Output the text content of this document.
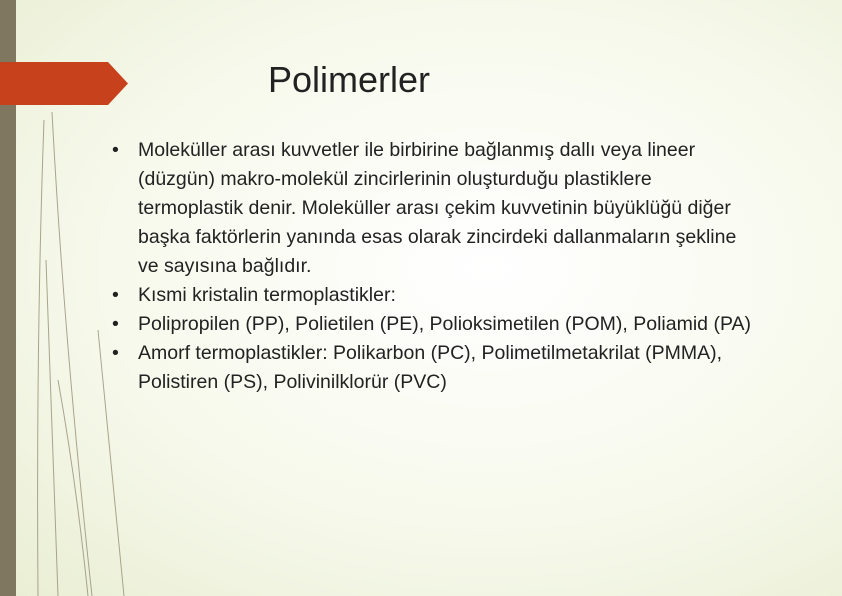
Polimerler
• Moleküller arası kuvvetler ile birbirine bağlanmış dallı veya lineer (düzgün) makro-molekül zincirlerinin oluşturduğu plastiklere termoplastik denir. Moleküller arası çekim kuvvetinin büyüklüğü diğer başka faktörlerin yanında esas olarak zincirdeki dallanmaların şekline ve sayısına bağlıdır.
• Kısmi kristalin termoplastikler:
• Polipropilen (PP), Polietilen (PE), Polioksimetilen (POM), Poliamid (PA)
• Amorf termoplastikler: Polikarbon (PC), Polimetilmetakrilat (PMMA), Polistiren (PS), Polivinilklorür (PVC)
